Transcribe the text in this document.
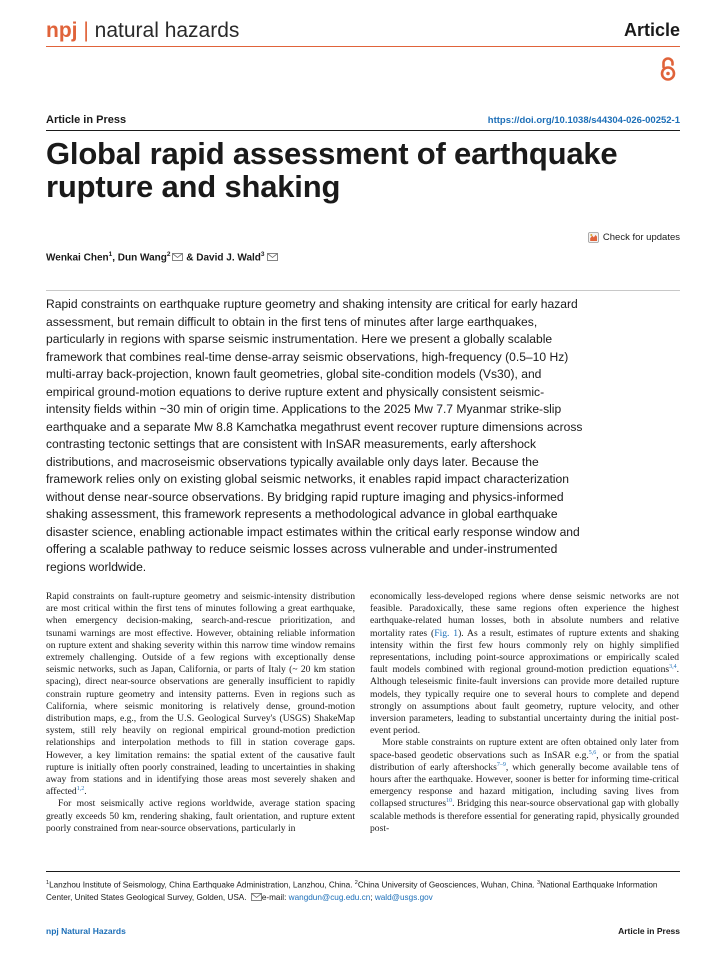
npj | natural hazards	Article
Article in Press	https://doi.org/10.1038/s44304-026-00252-1
Global rapid assessment of earthquake rupture and shaking
Check for updates
Wenkai Chen$^1$, Dun Wang$^2$ & David J. Wald$^3$

Rapid constraints on earthquake rupture geometry and shaking intensity are critical for early hazard assessment, but remain difficult to obtain in the first tens of minutes after large earthquakes, particularly in regions with sparse seismic instrumentation. Here we present a globally scalable framework that combines real-time dense-array seismic observations, high-frequency (0.5–10 Hz) multi-array back-projection, known fault geometries, global site-condition models (Vs30), and empirical ground-motion equations to derive rupture extent and physically consistent seismic-intensity fields within ~30 min of origin time. Applications to the 2025 Mw 7.7 Myanmar strike-slip earthquake and a separate Mw 8.8 Kamchatka megathrust event recover rupture dimensions across contrasting tectonic settings that are consistent with InSAR measurements, early aftershock distributions, and macroseismic observations typically available only days later. Because the framework relies only on existing global seismic networks, it enables rapid impact characterization without dense near-source observations. By bridging rapid rupture imaging and physics-informed shaking assessment, this framework represents a methodological advance in global earthquake disaster science, enabling actionable impact estimates within the critical early response window and offering a scalable pathway to reduce seismic losses across vulnerable and under-instrumented regions worldwide.

Rapid constraints on fault-rupture geometry and seismic-intensity distribution are most critical within the first tens of minutes following a great earthquake, when emergency decision-making, search-and-rescue prioritization, and tsunami warnings are most effective. However, obtaining reliable information on rupture extent and shaking severity within this narrow time window remains extremely challenging. Outside of a few regions with exceptionally dense seismic networks, such as Japan, California, or parts of Italy (~ 20 km station spacing), direct near-source observations are generally insufficient to rapidly constrain rupture geometry and intensity patterns. Even in regions such as California, where seismic monitoring is relatively dense, ground-motion distribution maps, e.g., from the U.S. Geological Survey's (USGS) ShakeMap system, still rely heavily on regional empirical ground-motion prediction relationships and interpolation methods to fill in station coverage gaps. However, a key limitation remains: the spatial extent of the causative fault rupture is initially often poorly constrained, leading to uncertainties in shaking away from stations and in identifying those areas most severely shaken and affected$^{1,2}$.

For most seismically active regions worldwide, average station spacing greatly exceeds 50 km, rendering shaking, fault orientation, and rupture extent poorly constrained from near-source observations, particularly in

economically less-developed regions where dense seismic networks are not feasible. Paradoxically, these same regions often experience the highest earthquake-related human losses, both in absolute numbers and relative mortality rates (Fig. 1). As a result, estimates of rupture extents and shaking intensity within the first few hours commonly rely on highly simplified representations, including point-source approximations or empirically scaled fault models combined with regional ground-motion prediction equations$^{3,4}$. Although teleseismic finite-fault inversions can provide more detailed rupture models, they typically require one to several hours to complete and depend strongly on assumptions about fault geometry, rupture velocity, and other inversion parameters, leading to substantial uncertainty during the initial post-event period.

More stable constraints on rupture extent are often obtained only later from space-based geodetic observations such as InSAR e.g.$^{5,6}$, or from the spatial distribution of early aftershocks$^{7-9}$, which generally become available tens of hours after the earthquake. However, sooner is better for informing time-critical emergency response and hazard mitigation, including saving lives from collapsed structures$^{10}$. Bridging this near-source observational gap with globally scalable methods is therefore essential for generating rapid, physically grounded post-

$^1$Lanzhou Institute of Seismology, China Earthquake Administration, Lanzhou, China. $^2$China University of Geosciences, Wuhan, China. $^3$National Earthquake Information Center, United States Geological Survey, Golden, USA. e-mail: wangdun@cug.edu.cn; wald@usgs.gov

npj Natural Hazards	Article in Press
